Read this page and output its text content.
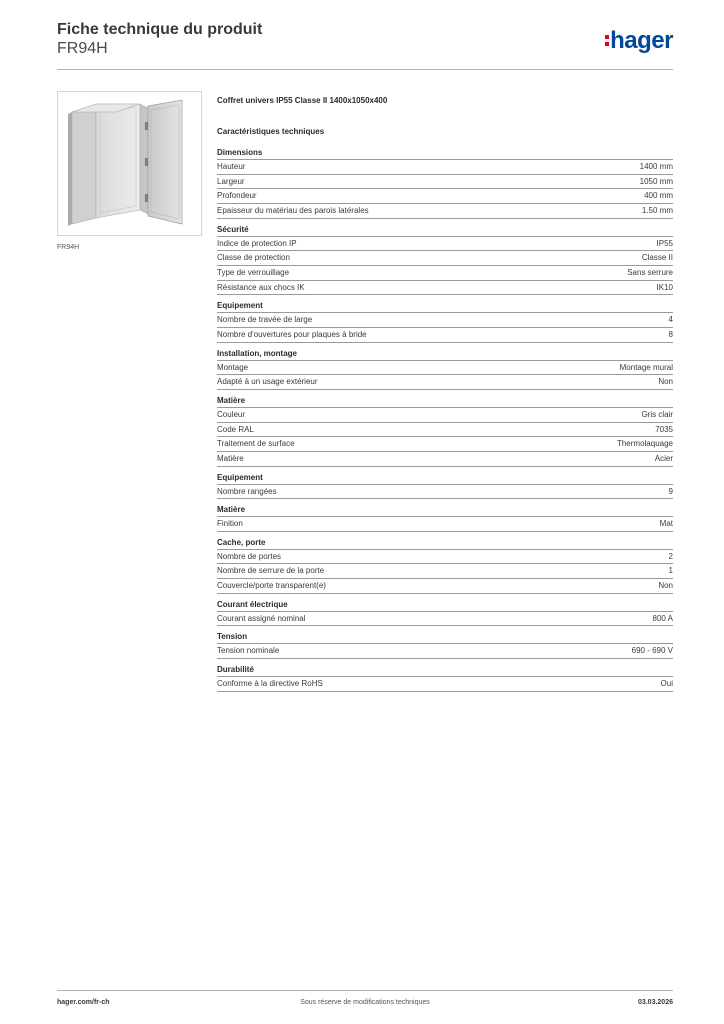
Fiche technique du produit
FR94H	hager
FR94H
Coffret univers IP55 Classe II 1400x1050x400
Caractéristiques techniques
Dimensions
Hauteur	1400 mm
Largeur	1050 mm
Profondeur	400 mm
Epaisseur du matériau des parois latérales	1.50 mm
Sécurité
Indice de protection IP	IP55
Classe de protection	Classe II
Type de verrouillage	Sans serrure
Résistance aux chocs IK	IK10
Equipement
Nombre de travée de large	4
Nombre d'ouvertures pour plaques à bride	8
Installation, montage
Montage	Montage mural
Adapté à un usage extérieur	Non
Matière
Couleur	Gris clair
Code RAL	7035
Traitement de surface	Thermolaquage
Matière	Acier
Equipement
Nombre rangées	9
Matière
Finition	Mat
Cache, porte
Nombre de portes	2
Nombre de serrure de la porte	1
Couvercle/porte transparent(e)	Non
Courant électrique
Courant assigné nominal	800 A
Tension
Tension nominale	690 - 690 V
Durabilité
Conforme à la directive RoHS	Oui
hager.com/fr-ch	Sous réserve de modifications techniques	03.03.2026
